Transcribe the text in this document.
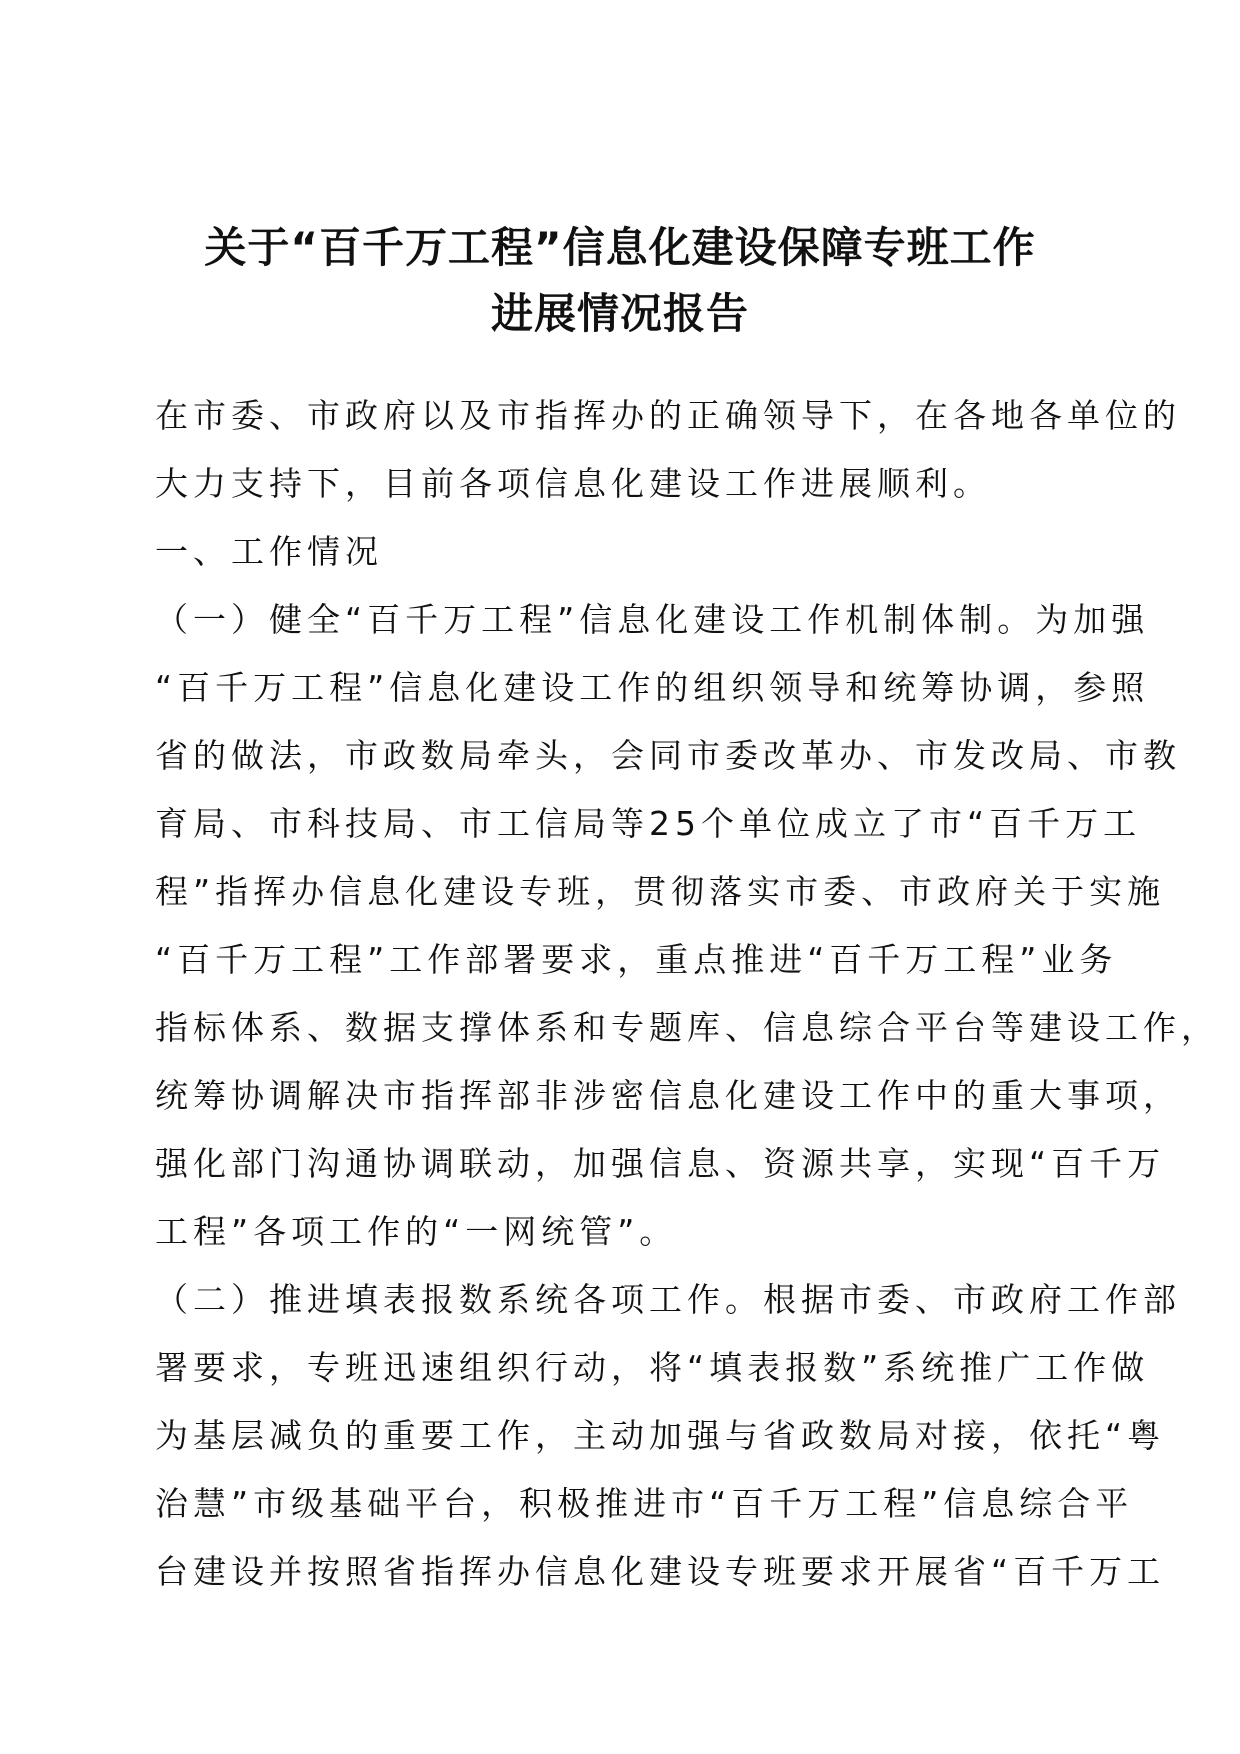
关于“百千万工程”信息化建设保障专班工作
进展情况报告
在市委、市政府以及市指挥办的正确领导下，在各地各单位的
大力支持下，目前各项信息化建设工作进展顺利。
一、工作情况
（一）健全“百千万工程”信息化建设工作机制体制。为加强
“百千万工程”信息化建设工作的组织领导和统筹协调，参照
省的做法，市政数局牵头，会同市委改革办、市发改局、市教
育局、市科技局、市工信局等25个单位成立了市“百千万工
程”指挥办信息化建设专班，贯彻落实市委、市政府关于实施
“百千万工程”工作部署要求，重点推进“百千万工程”业务
指标体系、数据支撑体系和专题库、信息综合平台等建设工作，
统筹协调解决市指挥部非涉密信息化建设工作中的重大事项，
强化部门沟通协调联动，加强信息、资源共享，实现“百千万
工程”各项工作的“一网统管”。
（二）推进填表报数系统各项工作。根据市委、市政府工作部
署要求，专班迅速组织行动，将“填表报数”系统推广工作做
为基层减负的重要工作，主动加强与省政数局对接，依托“粤
治慧”市级基础平台，积极推进市“百千万工程”信息综合平
台建设并按照省指挥办信息化建设专班要求开展省“百千万工
